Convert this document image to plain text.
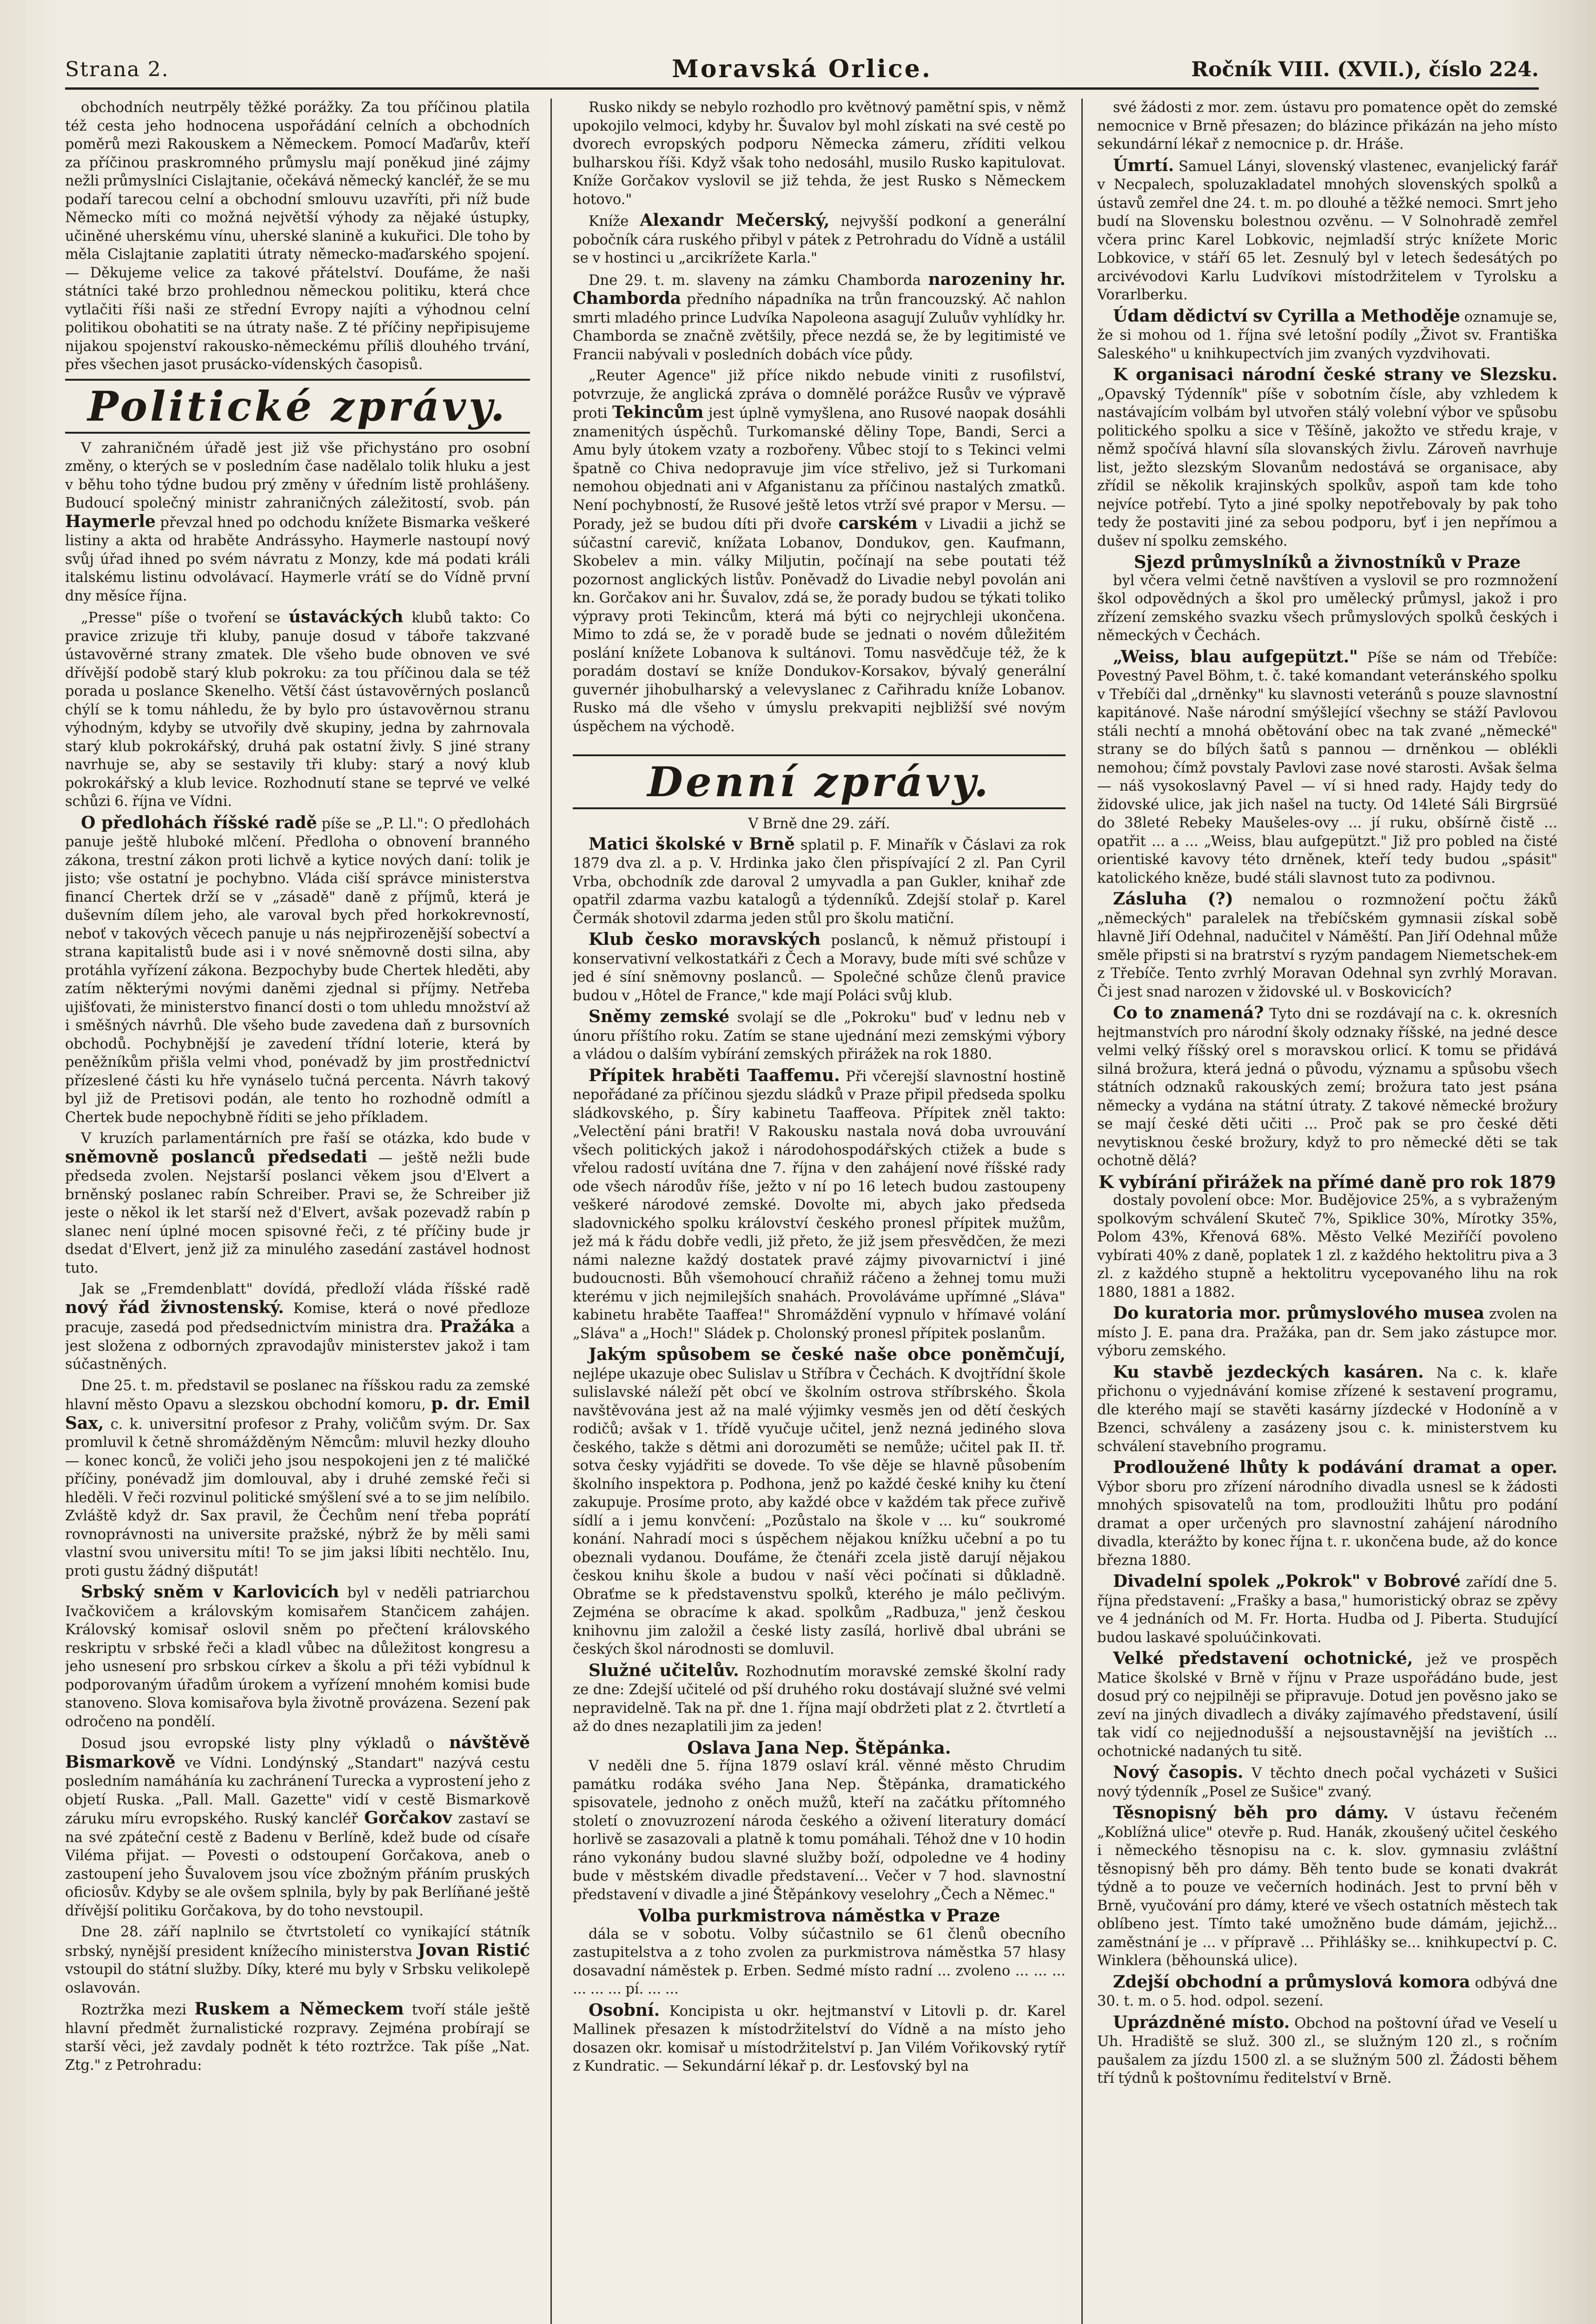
Strana 2.	Moravská Orlice.	Ročník VIII. (XVII.), číslo 224.

obchodních neutrpěly těžké porážky. Za tou příčinou platila též cesta jeho hodnocena uspořádání celních a obchodních poměrů mezi Rakouskem a Německem. Pomocí Maďarův, kteří za příčinou praskromného průmyslu mají poněkud jiné zájmy nežli průmyslníci Cislajtanie, očekává německý kancléř, že se mu podaří tarecou celní a obchodní smlouvu uzavříti, při níž bude Německo míti co možná největší výhody za nějaké ústupky, učiněné uherskému vínu, uherské slanině a kukuřici. Dle toho by měla Cislajtanie zaplatiti útraty německo-maďarského spojení. — Děkujeme velice za takové přátelství. Doufáme, že naši státníci také brzo prohlednou německou politiku, která chce vytlačiti říši naši ze střední Evropy najíti a výhodnou celní politikou obohatiti se na útraty naše. Z té příčiny nepřipisujeme nijakou spojenství rakousko-německému příliš dlouhého trvání, přes všechen jasot prusácko-vídenských časopisů.

Politické zprávy.

V zahraničném úřadě jest již vše přichystáno pro osobní změny, o kterých se v posledním čase nadělalo tolik hluku a jest v běhu toho týdne budou prý změny v úředním listě prohlášeny. Budoucí společný ministr zahraničných záležitostí, svob. pán Haymerle převzal hned po odchodu knížete Bismarka veškeré listiny a akta od hraběte Andrássyho. Haymerle nastoupí nový svůj úřad ihned po svém návratu z Monzy, kde má podati králi italskému listinu odvolávací. Haymerle vrátí se do Vídně první dny měsíce října.

„Presse" píše o tvoření se ústaváckých klubů takto: Co pravice zrizuje tři kluby, panuje dosud v táboře takzvané ústavověrné strany zmatek. Dle všeho bude obnoven ve své dřívější podobě starý klub pokroku: za tou příčinou dala se též porada u poslance Skenelho. Větší část ústavověrných poslanců chýlí se k tomu náhledu, že by bylo pro ústavověrnou stranu výhodným, kdyby se utvořily dvě skupiny, jedna by zahrnovala starý klub pokrokářský, druhá pak ostatní živly. S jiné strany navrhuje se, aby se sestavily tři kluby: starý a nový klub pokrokářský a klub levice. Rozhodnutí stane se teprvé ve velké schůzi 6. října ve Vídni.

O předlohách říšské radě píše se „P. Ll.": O předlohách panuje ještě hluboké mlčení. Předloha o obnovení branného zákona, trestní zákon proti lichvě a kytice nových daní: tolik je jisto; vše ostatní je pochybno. Vláda ciší správce ministerstva financí Chertek drží se v „zásadě" daně z příjmů, která je duševním dílem jeho, ale varoval bych před horkokrevností, neboť v takových věcech panuje u nás nejpřirozenější sobectví a strana kapitalistů bude asi i v nové sněmovně dosti silna, aby protáhla vyřízení zákona. Bezpochyby bude Chertek hleděti, aby zatím některými novými daněmi zjednal si příjmy. Netřeba ujišťovati, že ministerstvo financí dosti o tom uhledu množství až i směšných návrhů. Dle všeho bude zavedena daň z bursovních obchodů. Pochybnější je zavedení třídní loterie, která by peněžníkům přišla velmi vhod, ponévadž by jim prostřednictví přízeslené části ku hře vynáselo tučná percenta. Návrh takový byl již de Pretisovi podán, ale tento ho rozhodně odmítl a Chertek bude nepochybně říditi se jeho příkladem.

V kruzích parlamentárních pre řaší se otázka, kdo bude v sněmovně poslanců předsedati — ještě nežli bude předseda zvolen. Nejstarší poslanci věkem jsou d'Elvert a brněnský poslanec rabín Schreiber. Pravi se, že Schreiber již jeste o někol ik let starší než d'Elvert, avšak pozevadž rabín p slanec není úplné mocen spisovné řeči, z té příčiny bude jr dsedat d'Elvert, jenž již za minulého zasedání zastável hodnost tuto.

Jak se „Fremdenblatt" dovídá, předloží vláda říšské radě nový řád živnostenský. Komise, která o nové předloze pracuje, zasedá pod předsednictvím ministra dra. Pražáka a jest složena z odborných zpravodajův ministerstev jakož i tam súčastněných.

Dne 25. t. m. představil se poslanec na říšskou radu za zemské hlavní město Opavu a slezskou obchodní komoru, p. dr. Emil Sax, c. k. universitní profesor z Prahy, voličům svým. Dr. Sax promluvil k četně shromážděným Němcům: mluvil hezky dlouho — konec konců, že voliči jeho jsou nespokojeni jen z té maličké příčiny, ponévadž jim domlouval, aby i druhé zemské řeči si hleděli. V řeči rozvinul politické smýšlení své a to se jim nelíbilo. Zvláště když dr. Sax pravil, že Čechům není třeba poprátí rovnoprávnosti na universite pražské, nýbrž že by měli sami vlastní svou universitu míti! To se jim jaksi líbiti nechtělo. Inu, proti gustu žádný dišputát!

Srbský sněm v Karlovicích byl v neděli patriarchou Ivačkovičem a královským komisařem Stančicem zahájen. Královský komisař oslovil sněm po přečtení královského reskriptu v srbské řeči a kladl vůbec na důležitost kongresu a jeho usnesení pro srbskou církev a školu a při téži vybídnul k podporovaným úřadům úrokem a vyřízení mnohém komisi bude stanoveno. Slova komisařova byla životně provázena. Sezení pak odročeno na pondělí.

Dosud jsou evropské listy plny výkladů o návštěvě Bismarkově ve Vídni. Londýnský „Standart" nazývá cestu posledním namáhánía ku zachránení Turecka a vyprostení jeho z objetí Ruska. „Pall. Mall. Gazette" vidí v cestě Bismarkově záruku míru evropského. Ruský kancléř Gorčakov zastaví se na své zpáteční cestě z Badenu v Berlíně, kdež bude od císaře Viléma přijat. — Povesti o odstoupení Gorčakova, aneb o zastoupení jeho Šuvalovem jsou více zbožným přáním pruských oficiosův. Kdyby se ale ovšem splnila, byly by pak Berlíňané ještě dřívější politiku Gorčakova, by do toho nevstoupil.

Dne 28. září naplnilo se čtvrtstoletí co vynikající státník srbský, nynější president knížecího ministerstva Jovan Ristić vstoupil do státní služby. Díky, které mu byly v Srbsku velikolepě oslavován.

Roztržka mezi Ruskem a Německem tvoří stále ještě hlavní předmět žurnalistické rozpravy. Zejména probírají se starší věci, jež zavdaly podnět k této roztržce. Tak píše „Nat. Ztg." z Petrohradu:

Rusko nikdy se nebylo rozhodlo pro květnový pamětní spis, v němž upokojilo velmoci, kdyby hr. Šuvalov byl mohl získati na své cestě po dvorech evropských podporu Německa zámeru, zříditi velkou bulharskou říši. Když však toho nedosáhl, musilo Rusko kapitulovat. Kníže Gorčakov vyslovil se již tehda, že jest Rusko s Německem hotovo."

Kníže Alexandr Mečerský, nejvyšší podkoní a generální pobočník cára ruského přibyl v pátek z Petrohradu do Vídně a ustálil se v hostinci u „arcikrížete Karla."

Dne 29. t. m. slaveny na zámku Chamborda narozeniny hr. Chamborda předního nápadníka na trůn francouzský. Ač nahlon smrti mladého prince Ludvíka Napoleona asagují Zuluův vyhlídky hr. Chamborda se značně zvětšily, přece nezdá se, že by legitimisté ve Francii nabývali v posledních dobách více půdy.

„Reuter Agence" již příce nikdo nebude viniti z rusofilství, potvrzuje, že anglická zpráva o domnělé porážce Rusův ve výpravě proti Tekincům jest úplně vymyšlena, ano Rusové naopak dosáhli znamenitých úspěchů. Turkomanské děliny Tope, Bandi, Serci a Amu byly útokem vzaty a rozbořeny. Vůbec stojí to s Tekinci velmi špatně co Chiva nedopravuje jim více střelivo, jež si Turkomani nemohou objednati ani v Afganistanu za příčinou nastalých zmatků. Není pochybností, že Rusové ještě letos vtrží své prapor v Mersu. — Porady, jež se budou díti při dvoře carském v Livadii a jichž se súčastní carevič, knížata Lobanov, Dondukov, gen. Kaufmann, Skobelev a min. války Miljutin, počínají na sebe poutati též pozornost anglických listův. Poněvadž do Livadie nebyl povolán ani kn. Gorčakov ani hr. Šuvalov, zdá se, že porady budou se týkati toliko výpravy proti Tekincům, která má býti co nejrychleji ukončena. Mimo to zdá se, že v poradě bude se jednati o novém důležitém poslání knížete Lobanova k sultánovi. Tomu nasvědčuje též, že k poradám dostaví se kníže Dondukov-Korsakov, bývalý generální guvernér jihobulharský a velevyslanec z Cařihradu kníže Lobanov. Rusko má dle všeho v úmyslu prekvapiti nejbližší své novým úspěchem na východě.

Denní zprávy.

V Brně dne 29. září.

Matici školské v Brně splatil p. F. Minařík v Čáslavi za rok 1879 dva zl. a p. V. Hrdinka jako člen přispívající 2 zl. Pan Cyril Vrba, obchodník zde daroval 2 umyvadla a pan Gukler, knihař zde opatřil zdarma vazbu katalogů a týdenníků. Zdejší stolař p. Karel Čermák shotovil zdarma jeden stůl pro školu matiční.

Klub česko moravských poslanců, k němuž přistoupí i konservativní velkostatkáři z Čech a Moravy, bude míti své schůze v jed é síní sněmovny poslanců. — Společné schůze členů pravice budou v „Hôtel de France," kde mají Poláci svůj klub.

Sněmy zemské svolají se dle „Pokroku" buď v lednu neb v únoru příštího roku. Zatím se stane ujednání mezi zemskými výbory a vládou o dalším vybírání zemských přirážek na rok 1880.

Přípitek hraběti Taaffemu. Při včerejší slavnostní hostině nepořádané za příčinou sjezdu sládků v Praze připil předseda spolku sládkovského, p. Šíry kabinetu Taaffeova. Přípitek zněl takto: „Velectění páni bratři! V Rakousku nastala nová doba uvrouvání všech politických jakož i národohospodářských ctižek a bude s vřelou radostí uvítána dne 7. října v den zahájení nové říšské rady ode všech národův říše, ježto v ní po 16 letech budou zastoupeny veškeré národové zemské. Dovolte mi, abych jako předseda sladovnického spolku království českého pronesl přípitek mužům, jež má k řádu dobře vedli, již přeto, že již jsem přesvědčen, že mezi námi nalezne každý dostatek pravé zájmy pivovarnictví i jiné budoucnosti. Bůh všemohoucí chraňiž ráčeno a žehnej tomu muži kterému v jich nejmilejších snahách. Provoláváme upřímné „Sláva" kabinetu hraběte Taaffea!" Shromáždění vypnulo v hřímavé volání „Sláva" a „Hoch!" Sládek p. Cholonský pronesl přípitek poslanům.

Jakým spůsobem se české naše obce poněmčují, nejlépe ukazuje obec Sulislav u Stříbra v Čechách. K dvojtřídní škole sulislavské náleží pět obcí ve školním ostrova stříbrského. Škola navštěvována jest až na malé výjimky vesměs jen od dětí českých rodičů; avšak v 1. třídě vyučuje učitel, jenž nezná jediného slova českého, takže s dětmi ani dorozuměti se nemůže; učitel pak II. tř. sotva česky vyjádřiti se dovede. To vše děje se hlavně působením školního inspektora p. Podhona, jenž po každé české knihy ku čtení zakupuje. Prosíme proto, aby každé obce v každém tak přece zuřivě sídlí a i jemu konvčení: „Pozůstalo na škole v ... ku“ soukromé konání. Nahradí moci s úspěchem nějakou knížku učební a po tu obeznali vydanou. Doufáme, že čtenáři zcela jistě darují nějakou českou knihu škole a budou v naší věci počínati si důkladně. Obraťme se k představenstvu spolků, kterého je málo pečlivým. Zejména se obracíme k akad. spolkům „Radbuza," jenž českou knihovnu jim založil a české listy zasílá, horlivě dbal ubráni se českých škol národnosti se domluvil.

Služné učitelův. Rozhodnutím moravské zemské školní rady ze dne: Zdejší učitelé od pší druhého roku dostávají služné své velmi nepravidelně. Tak na př. dne 1. října mají obdržeti plat z 2. čtvrtletí a až do dnes nezaplatili jim za jeden!

Oslava Jana Nep. Štěpánka.

V neděli dne 5. října 1879 oslaví král. věnné město Chrudim památku rodáka svého Jana Nep. Štěpánka, dramatického spisovatele, jednoho z oněch mužů, kteří na začátku přítomného století o znovuzrození národa českého a oživení literatury domácí horlivě se zasazovali a platně k tomu pomáhali. Téhož dne v 10 hodin ráno vykonány budou slavné služby boží, odpoledne ve 4 hodiny bude v městském divadle představení... Večer v 7 hod. slavnostní představení v divadle a jiné Štěpánkovy veselohry „Čech a Němec."

Volba purkmistrova náměstka v Praze

dála se v sobotu. Volby súčastnilo se 61 členů obecního zastupitelstva a z toho zvolen za purkmistrova náměstka 57 hlasy dosavadní náměstek p. Erben. Sedmé místo radní ... zvoleno ... ... ... ... ... ... pí. ... ...

Osobní. Koncipista u okr. hejtmanství v Litovli p. dr. Karel Mallinek přesazen k místodržitelství do Vídně a na místo jeho dosazen okr. komisař u místodržitelství p. Jan Vilém Vořikovský rytíř z Kundratic. — Sekundární lékař p. dr. Lesťovský byl na

své žádosti z mor. zem. ústavu pro pomatence opět do zemské nemocnice v Brně přesazen; do blázince přikázán na jeho místo sekundární lékař z nemocnice p. dr. Hráše.

Úmrtí. Samuel Lányi, slovenský vlastenec, evanjelický farář v Necpalech, spoluzakladatel mnohých slovenských spolků a ústavů zemřel dne 24. t. m. po dlouhé a těžké nemoci. Smrt jeho budí na Slovensku bolestnou ozvěnu. — V Solnohradě zemřel včera princ Karel Lobkovic, nejmladší strýc knížete Moric Lobkovice, v stáří 65 let. Zesnulý byl v letech šedesátých po arcivévodovi Karlu Ludvíkovi místodržitelem v Tyrolsku a Vorarlberku.

Údam dědictví sv Cyrilla a Methoděje oznamuje se, že si mohou od 1. října své letošní podíly „Život sv. Františka Saleského" u knihkupectvích jim zvaných vyzdvihovati.

K organisaci národní české strany ve Slezsku. „Opavský Týdenník" píše v sobotním čísle, aby vzhledem k nastávajícím volbám byl utvořen stálý volební výbor ve spůsobu politického spolku a sice v Těšíně, jakožto ve středu kraje, v němž spočívá hlavní síla slovanských živlu. Zároveň navrhuje list, ježto slezským Slovanům nedostává se organisace, aby zřídil se několik krajinských spolkův, aspoň tam kde toho nejvíce potřebí. Tyto a jiné spolky nepotřebovaly by pak toho tedy že postaviti jiné za sebou podporu, byť i jen nepřímou a dušev ní spolku zemského.

Sjezd průmyslníků a živnostníků v Praze

byl včera velmi četně navštíven a vyslovil se pro rozmnožení škol odpovědných a škol pro umělecký průmysl, jakož i pro zřízení zemského svazku všech průmyslových spolků českých i německých v Čechách.

„Weiss, blau aufgepützt." Píše se nám od Třebíče: Povestný Pavel Böhm, t. č. také komandant veteránského spolku v Třebíči dal „drněnky" ku slavnosti veteránů s pouze slavnostní kapitánové. Naše národní smýšlející všechny se stáží Pavlovou stáli nechtí a mnohá obětování obec na tak zvané „německé" strany se do bílých šatů s pannou — drněnkou — oblékli nemohou; čímž povstaly Pavlovi zase nové starosti. Avšak šelma — náš vysokoslavný Pavel — ví si hned rady. Hajdy tedy do židovské ulice, jak jich našel na tucty. Od 14leté Sáli Birgrsüé do 38leté Rebeky Maušeles-ovy ... jí ruku, obšírně čistě ... opatřit ... a ... „Weiss, blau aufgepützt." Již pro pobled na čisté orientiské kavovy této drněnek, kteří tedy budou „spásit" katolického kněze, budé stáli slavnost tuto za podivnou.

Zásluha (?) nemalou o rozmnožení počtu žáků „německých" paralelek na třebíčském gymnasii získal sobě hlavně Jiří Odehnal, nadučitel v Náměští. Pan Jiří Odehnal může směle připsti si na bratrství s ryzým pandagem Niemetschek-em z Třebíče. Tento zvrhlý Moravan Odehnal syn zvrhlý Moravan. Či jest snad narozen v židovské ul. v Boskovicích?

Co to znamená? Tyto dni se rozdávají na c. k. okresních hejtmanstvích pro národní školy odznaky říšské, na jedné desce velmi velký říšský orel s moravskou orlicí. K tomu se přidává silná brožura, která jedná o původu, významu a spůsobu všech státních odznaků rakouských zemí; brožura tato jest psána německy a vydána na státní útraty. Z takové německé brožury se mají české děti učiti ... Proč pak se pro české děti nevytisknou české brožury, když to pro německé děti se tak ochotně dělá?

K vybírání přirážek na přímé daně pro rok 1879

dostaly povolení obce: Mor. Budějovice 25%, a s vybraženým spolkovým schválení Skuteč 7%, Spiklice 30%, Mírotky 35%, Polom 43%, Křenová 68%. Město Velké Meziříčí povoleno vybírati 40% z daně, poplatek 1 zl. z každého hektolitru piva a 3 zl. z každého stupně a hektolitru vycepovaného lihu na rok 1880, 1881 a 1882.

Do kuratoria mor. průmyslového musea zvolen na místo J. E. pana dra. Pražáka, pan dr. Sem jako zástupce mor. výboru zemského.

Ku stavbě jezdeckých kasáren. Na c. k. klaře přichonu o vyjednávání komise zřízené k sestavení programu, dle kterého mají se stavěti kasárny jízdecké v Hodoníně a v Bzenci, schváleny a zasázeny jsou c. k. ministerstvem ku schválení stavebního programu.

Prodloužené lhůty k podávání dramat a oper. Výbor sboru pro zřízení národního divadla usnesl se k žádosti mnohých spisovatelů na tom, prodloužiti lhůtu pro podání dramat a oper určených pro slavnostní zahájení národního divadla, kterážto by konec října t. r. ukončena bude, až do konce března 1880.

Divadelní spolek „Pokrok" v Bobrové zařídí dne 5. října představení: „Frašky a basa," humoristický obraz se zpěvy ve 4 jednáních od M. Fr. Horta. Hudba od J. Piberta. Studující budou laskavé spoluúčinkovati.

Velké představení ochotnické, jež ve prospěch Matice školské v Brně v říjnu v Praze uspořádáno bude, jest dosud prý co nejpilněji se připravuje. Dotud jen pověsno jako se zeví na jiných divadlech a diváky zajímavého představení, úsilí tak vidí co nejjednodušší a nejsoustavnější na jevištích ... ochotnické nadaných tu sitě.

Nový časopis. V těchto dnech počal vycházeti v Sušici nový týdenník „Posel ze Sušice" zvaný.

Těsnopisný běh pro dámy. V ústavu řečeném „Koblížná ulice" otevře p. Rud. Hanák, zkoušený učitel českého i německého těsnopisu na c. k. slov. gymnasiu zvláštní těsnopisný běh pro dámy. Běh tento bude se konati dvakrát týdně a to pouze ve večerních hodinách. Jest to první běh v Brně, vyučování pro dámy, které ve všech ostatních městech tak oblíbeno jest. Tímto také umožněno bude dámám, jejichž... zaměstnání je ... v přípravě ... Přihlášky se... knihkupectví p. C. Winklera (běhounská ulice).

Zdejší obchodní a průmyslová komora odbývá dne 30. t. m. o 5. hod. odpol. sezení.

Uprázdněné místo. Obchod na poštovní úřad ve Veselí u Uh. Hradiště se služ. 300 zl., se služným 120 zl., s ročním paušalem za jízdu 1500 zl. a se služným 500 zl. Žádosti během tří týdnů k poštovnímu ředitelství v Brně.
